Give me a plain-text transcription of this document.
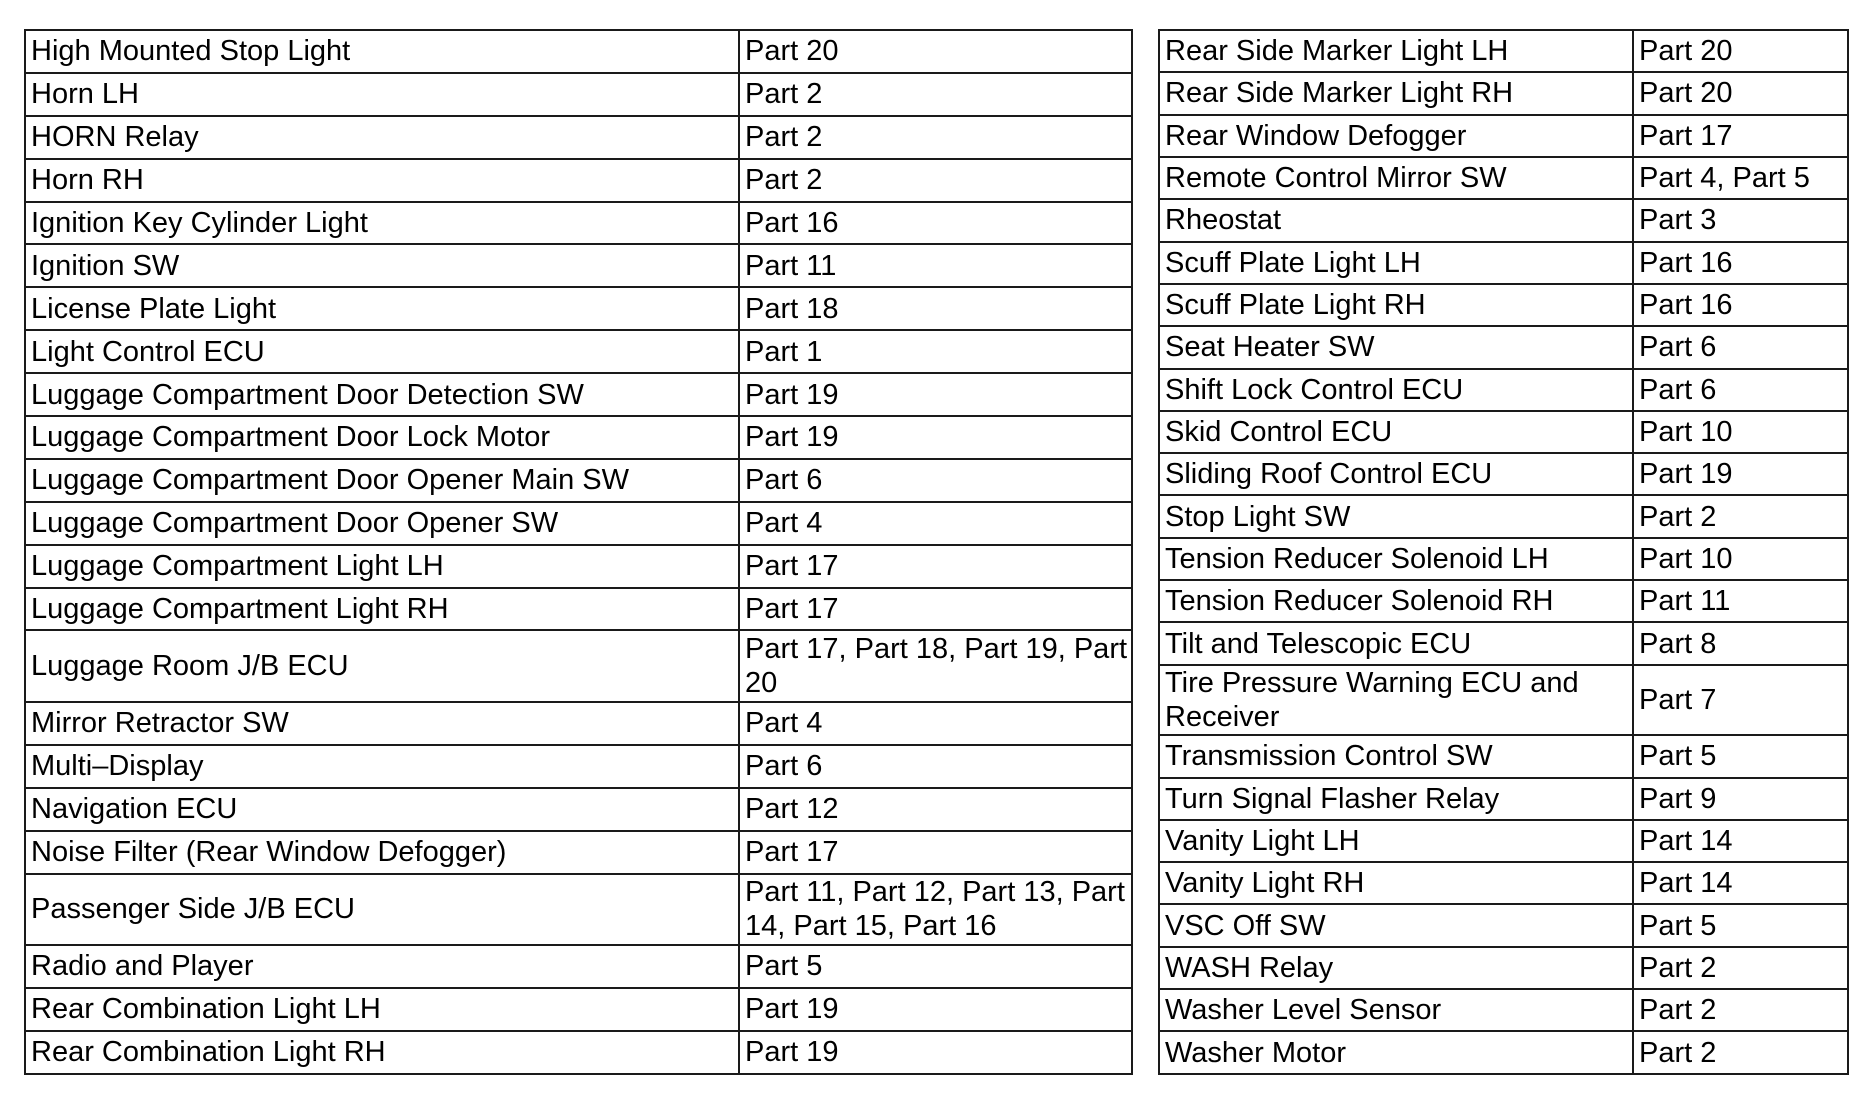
High Mounted Stop Light	Part 20
Horn LH	Part 2
HORN Relay	Part 2
Horn RH	Part 2
Ignition Key Cylinder Light	Part 16
Ignition SW	Part 11
License Plate Light	Part 18
Light Control ECU	Part 1
Luggage Compartment Door Detection SW	Part 19
Luggage Compartment Door Lock Motor	Part 19
Luggage Compartment Door Opener Main SW	Part 6
Luggage Compartment Door Opener SW	Part 4
Luggage Compartment Light LH	Part 17
Luggage Compartment Light RH	Part 17
Luggage Room J/B ECU	Part 17, Part 18, Part 19, Part 20
Mirror Retractor SW	Part 4
Multi–Display	Part 6
Navigation ECU	Part 12
Noise Filter (Rear Window Defogger)	Part 17
Passenger Side J/B ECU	Part 11, Part 12, Part 13, Part 14, Part 15, Part 16
Radio and Player	Part 5
Rear Combination Light LH	Part 19
Rear Combination Light RH	Part 19
Rear Side Marker Light LH	Part 20
Rear Side Marker Light RH	Part 20
Rear Window Defogger	Part 17
Remote Control Mirror SW	Part 4, Part 5
Rheostat	Part 3
Scuff Plate Light LH	Part 16
Scuff Plate Light RH	Part 16
Seat Heater SW	Part 6
Shift Lock Control ECU	Part 6
Skid Control ECU	Part 10
Sliding Roof Control ECU	Part 19
Stop Light SW	Part 2
Tension Reducer Solenoid LH	Part 10
Tension Reducer Solenoid RH	Part 11
Tilt and Telescopic ECU	Part 8
Tire Pressure Warning ECU and Receiver	Part 7
Transmission Control SW	Part 5
Turn Signal Flasher Relay	Part 9
Vanity Light LH	Part 14
Vanity Light RH	Part 14
VSC Off SW	Part 5
WASH Relay	Part 2
Washer Level Sensor	Part 2
Washer Motor	Part 2
